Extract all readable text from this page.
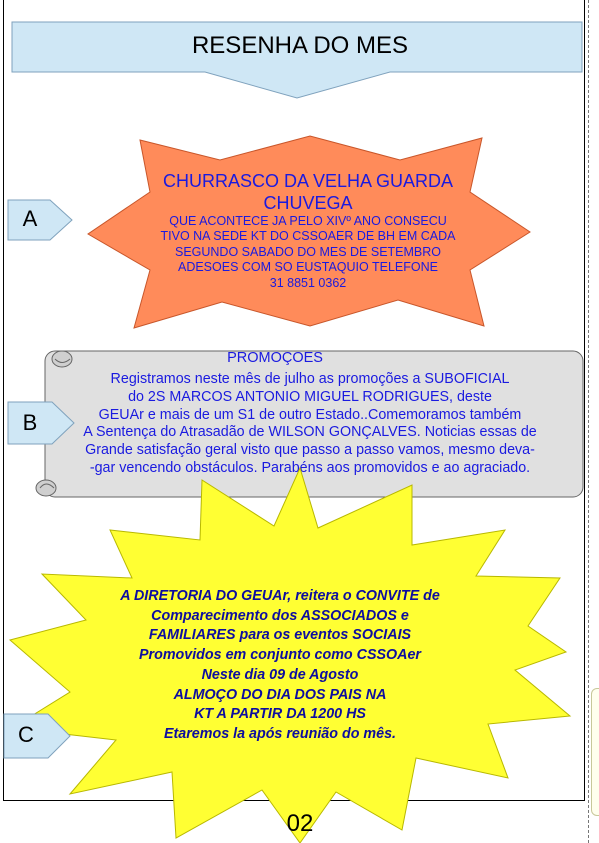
RESENHA DO MES

A
CHURRASCO DA VELHA GUARDA
CHUVEGA
QUE ACONTECE JA PELO XIVº ANO CONSECU
TIVO NA SEDE KT DO CSSOAER DE BH EM CADA
SEGUNDO SABADO DO MES DE SETEMBRO
ADESOES COM SO EUSTAQUIO TELEFONE
31 8851 0362
PROMOÇOES
Registramos neste mês de julho as promoções a SUBOFICIAL
do 2S MARCOS ANTONIO MIGUEL RODRIGUES, deste
GEUAr e mais de um S1 de outro Estado..Comemoramos também
A Sentença do Atrasadão de WILSON GONÇALVES. Noticias essas de
Grande satisfação geral visto que passo a passo vamos, mesmo deva-
-gar vencendo obstáculos. Parabéns aos promovidos e ao agraciado.
B
A DIRETORIA DO GEUAr, reitera o CONVITE de
Comparecimento dos ASSOCIADOS e
FAMILIARES para os eventos SOCIAIS
Promovidos em conjunto como CSSOAer
Neste dia 09 de Agosto
ALMOÇO DO DIA DOS PAIS NA
KT A PARTIR DA 1200 HS
Etaremos la após reunião do mês.
C
02
